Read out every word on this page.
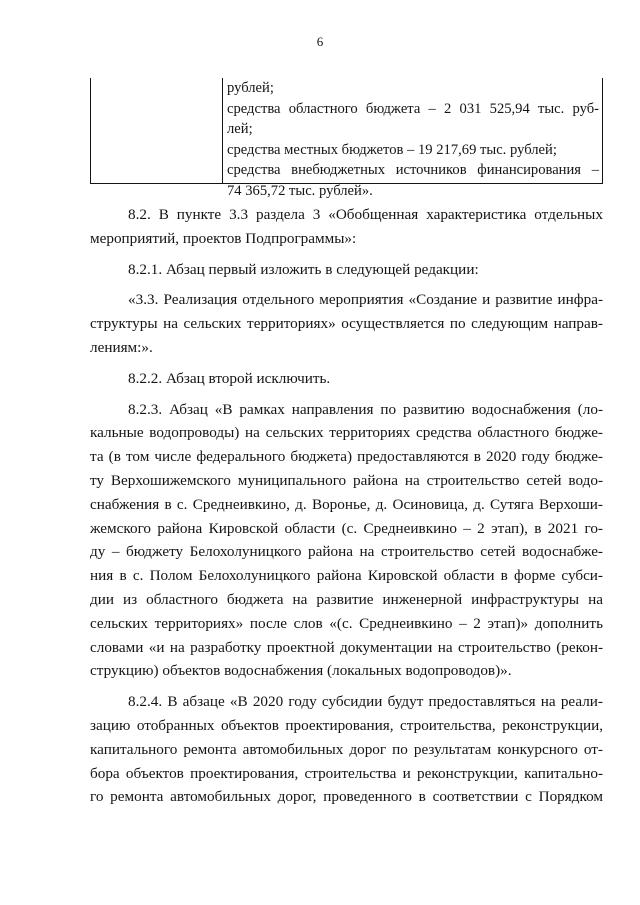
6
рублей;
средства областного бюджета – 2 031 525,94 тыс. руб-
лей;
средства местных бюджетов – 19 217,69 тыс. рублей;
средства внебюджетных источников финансирования –
74 365,72 тыс. рублей».
8.2. В пункте 3.3 раздела 3 «Обобщенная характеристика отдельных
мероприятий, проектов Подпрограммы»:
8.2.1. Абзац первый изложить в следующей редакции:
«3.3. Реализация отдельного мероприятия «Создание и развитие инфра-
структуры на сельских территориях» осуществляется по следующим направ-
лениям:».
8.2.2. Абзац второй исключить.
8.2.3. Абзац «В рамках направления по развитию водоснабжения (ло-
кальные водопроводы) на сельских территориях средства областного бюдже-
та (в том числе федерального бюджета) предоставляются в 2020 году бюдже-
ту Верхошижемского муниципального района на строительство сетей водо-
снабжения в с. Среднеивкино, д. Воронье, д. Осиновица, д. Сутяга Верхоши-
жемского района Кировской области (с. Среднеивкино – 2 этап), в 2021 го-
ду – бюджету Белохолуницкого района на строительство сетей водоснабже-
ния в с. Полом Белохолуницкого района Кировской области в форме субси-
дии из областного бюджета на развитие инженерной инфраструктуры на
сельских территориях» после слов «(с. Среднеивкино – 2 этап)» дополнить
словами «и на разработку проектной документации на строительство (рекон-
струкцию) объектов водоснабжения (локальных водопроводов)».
8.2.4. В абзаце «В 2020 году субсидии будут предоставляться на реали-
зацию отобранных объектов проектирования, строительства, реконструкции,
капитального ремонта автомобильных дорог по результатам конкурсного от-
бора объектов проектирования, строительства и реконструкции, капитально-
го ремонта автомобильных дорог, проведенного в соответствии с Порядком
